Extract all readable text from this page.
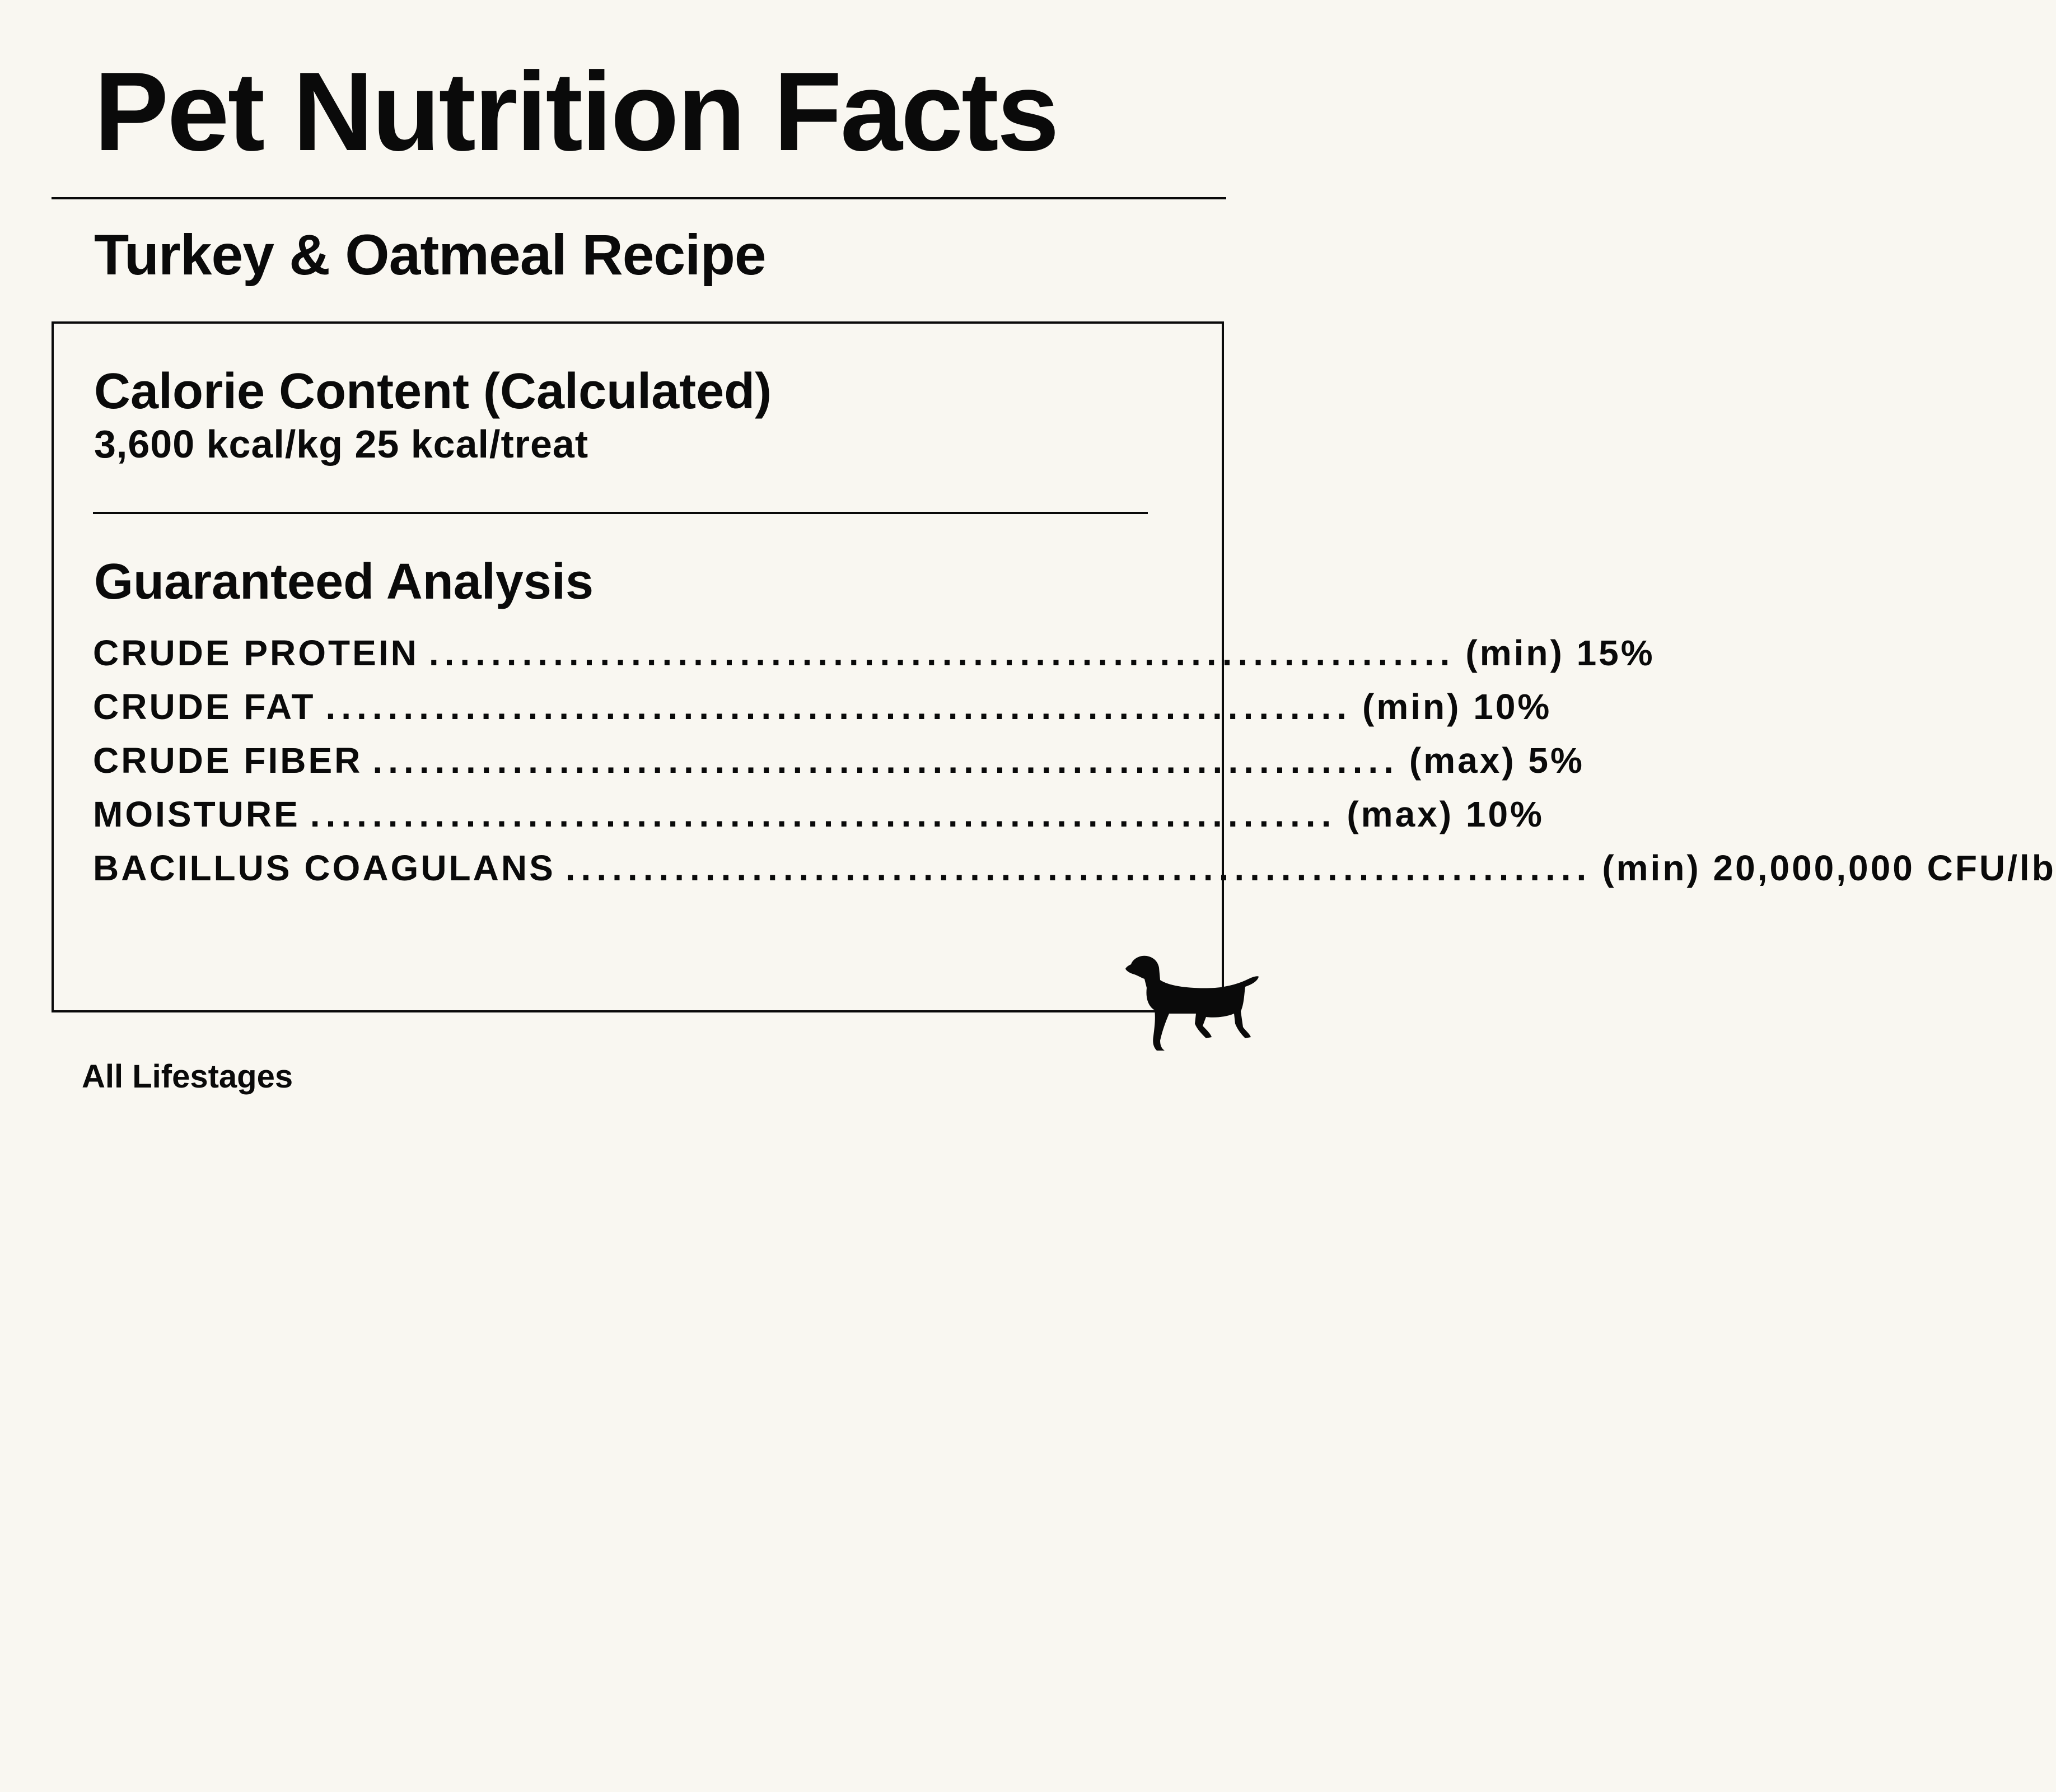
Pet Nutrition Facts
Turkey & Oatmeal Recipe
Calorie Content (Calculated)
3,600 kcal/kg 25 kcal/treat
Guaranteed Analysis
CRUDE PROTEIN .................................................................. (min) 15%
CRUDE FAT .................................................................. (min) 10%
CRUDE FIBER .................................................................. (max) 5%
MOISTURE .................................................................. (max) 10%
BACILLUS COAGULANS .................................................................. (min) 20,000,000 CFU/lb
All Lifestages
